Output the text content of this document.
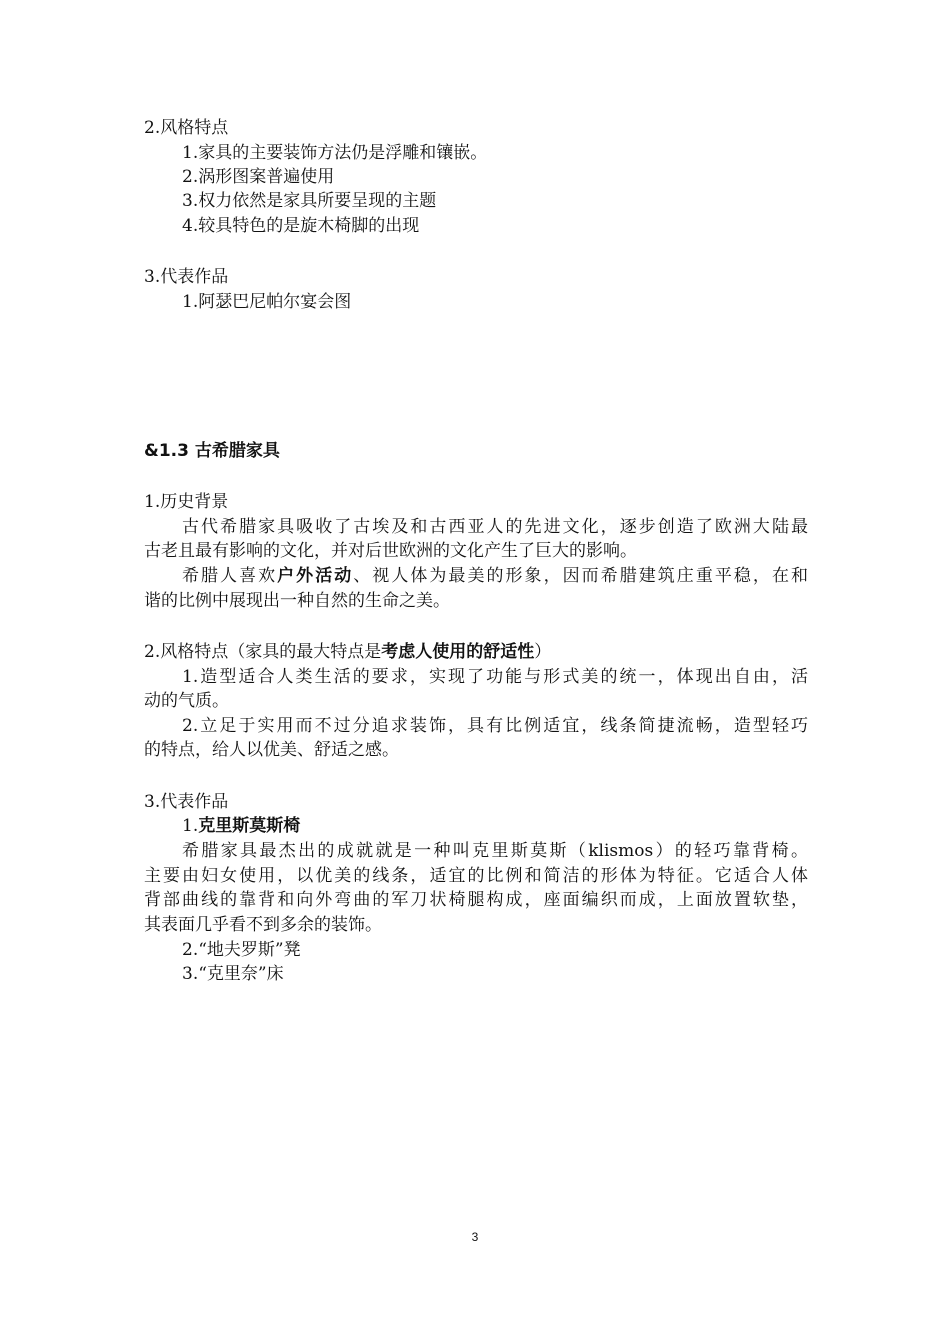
2.风格特点
1.家具的主要装饰方法仍是浮雕和镶嵌。
2.涡形图案普遍使用
3.权力依然是家具所要呈现的主题
4.较具特色的是旋木椅脚的出现
3.代表作品
1.阿瑟巴尼帕尔宴会图
&1.3 古希腊家具
1.历史背景
古代希腊家具吸收了古埃及和古西亚人的先进文化，逐步创造了欧洲大陆最
古老且最有影响的文化，并对后世欧洲的文化产生了巨大的影响。
希腊人喜欢户外活动、视人体为最美的形象，因而希腊建筑庄重平稳，在和
谐的比例中展现出一种自然的生命之美。
2.风格特点（家具的最大特点是考虑人使用的舒适性）
1.造型适合人类生活的要求，实现了功能与形式美的统一，体现出自由，活
动的气质。
2.立足于实用而不过分追求装饰，具有比例适宜，线条简捷流畅，造型轻巧
的特点，给人以优美、舒适之感。
3.代表作品
1.克里斯莫斯椅
希腊家具最杰出的成就就是一种叫克里斯莫斯（klismos）的轻巧靠背椅。
主要由妇女使用，以优美的线条，适宜的比例和简洁的形体为特征。它适合人体
背部曲线的靠背和向外弯曲的军刀状椅腿构成，座面编织而成，上面放置软垫，
其表面几乎看不到多余的装饰。
2.“地夫罗斯”凳
3.“克里奈”床
3
